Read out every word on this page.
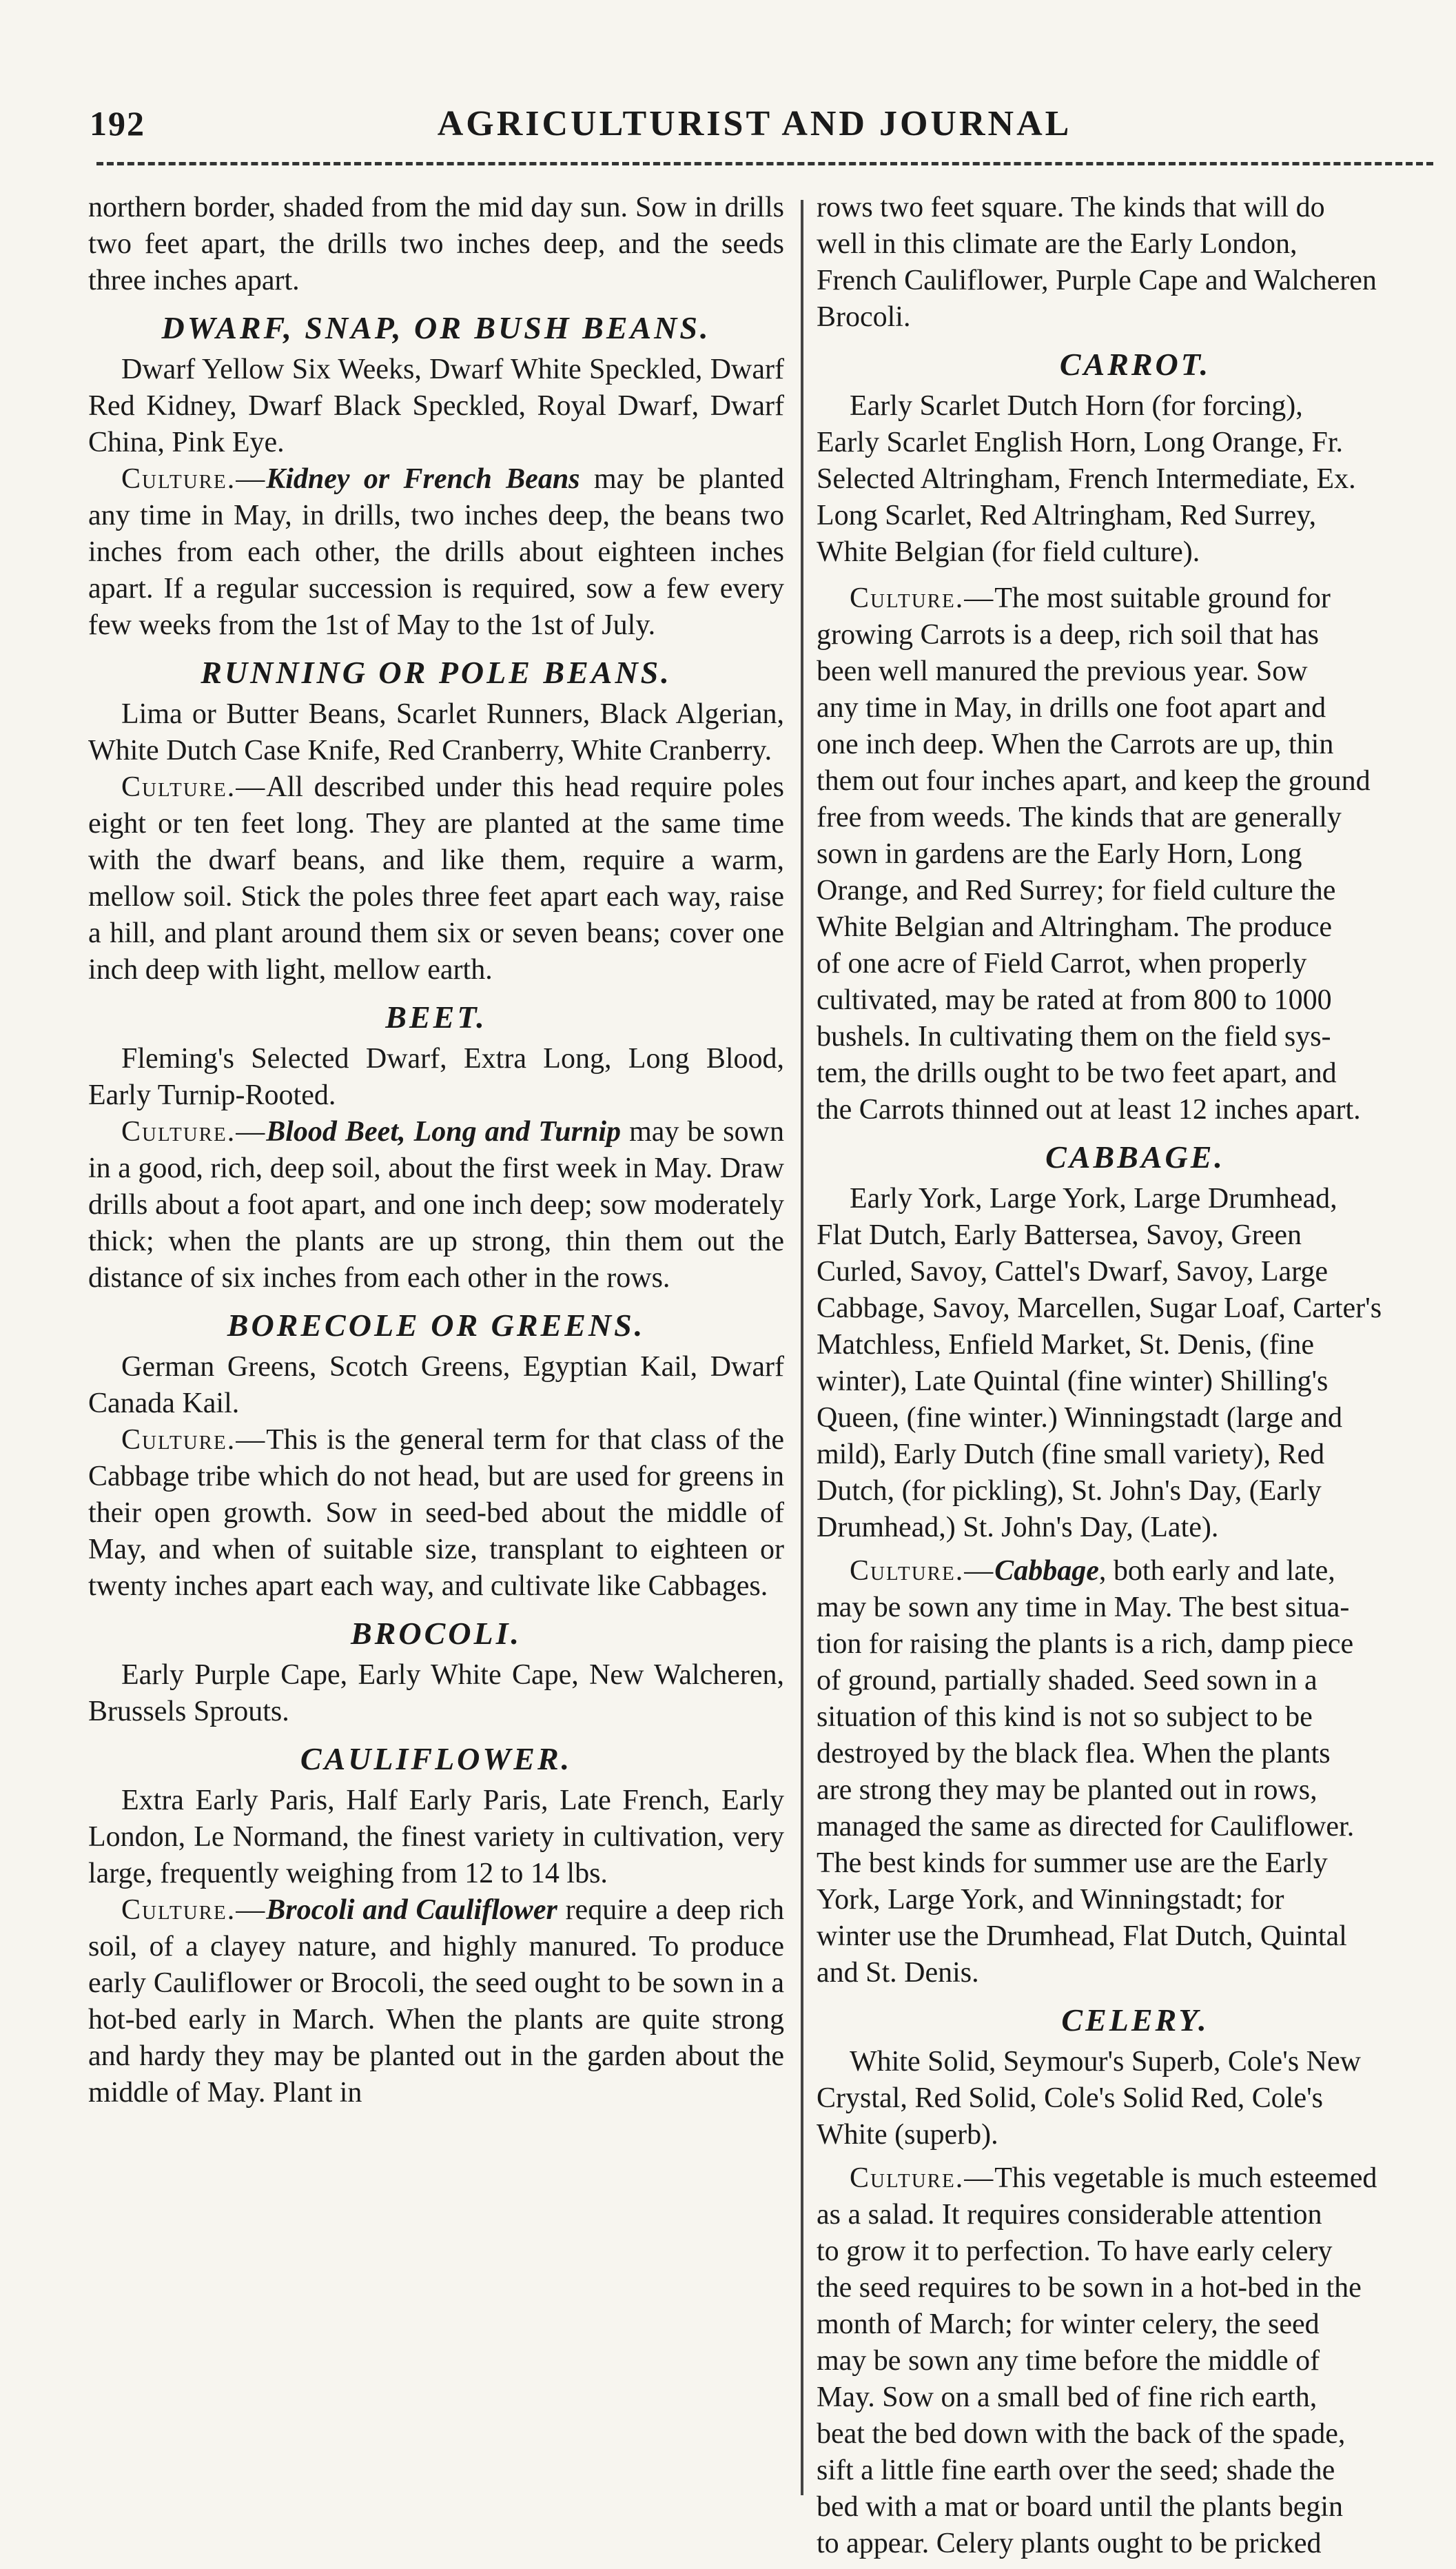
192	AGRICULTURIST AND JOURNAL

northern border, shaded from the mid day sun. Sow in drills two feet apart, the drills two inches deep, and the seeds three inches apart.

DWARF, SNAP, OR BUSH BEANS.

Dwarf Yellow Six Weeks, Dwarf White Speckled, Dwarf Red Kidney, Dwarf Black Speckled, Royal Dwarf, Dwarf China, Pink Eye.

Culture.—Kidney or French Beans may be planted any time in May, in drills, two inches deep, the beans two inches from each other, the drills about eighteen inches apart. If a regular succession is required, sow a few every few weeks from the 1st of May to the 1st of July.

RUNNING OR POLE BEANS.

Lima or Butter Beans, Scarlet Runners, Black Algerian, White Dutch Case Knife, Red Cranberry, White Cranberry.

Culture.—All described under this head require poles eight or ten feet long. They are planted at the same time with the dwarf beans, and like them, require a warm, mellow soil. Stick the poles three feet apart each way, raise a hill, and plant around them six or seven beans; cover one inch deep with light, mellow earth.

BEET.

Fleming's Selected Dwarf, Extra Long, Long Blood, Early Turnip-Rooted.

Culture.—Blood Beet, Long and Turnip may be sown in a good, rich, deep soil, about the first week in May. Draw drills about a foot apart, and one inch deep; sow moderately thick; when the plants are up strong, thin them out the distance of six inches from each other in the rows.

BORECOLE OR GREENS.

German Greens, Scotch Greens, Egyptian Kail, Dwarf Canada Kail.

Culture.—This is the general term for that class of the Cabbage tribe which do not head, but are used for greens in their open growth. Sow in seed-bed about the middle of May, and when of suitable size, transplant to eighteen or twenty inches apart each way, and cultivate like Cabbages.

BROCOLI.

Early Purple Cape, Early White Cape, New Walcheren, Brussels Sprouts.

CAULIFLOWER.

Extra Early Paris, Half Early Paris, Late French, Early London, Le Normand, the finest variety in cultivation, very large, frequently weighing from 12 to 14 lbs.

Culture.—Brocoli and Cauliflower require a deep rich soil, of a clayey nature, and highly manured. To produce early Cauliflower or Brocoli, the seed ought to be sown in a hot-bed early in March. When the plants are quite strong and hardy they may be planted out in the garden about the middle of May. Plant in

rows two feet square. The kinds that will do

well in this climate are the Early London,

French Cauliflower, Purple Cape and Walcheren

Brocoli.

CARROT.

Early Scarlet Dutch Horn (for forcing),

Early Scarlet English Horn, Long Orange, Fr.

Selected Altringham, French Intermediate, Ex.

Long Scarlet, Red Altringham, Red Surrey,

White Belgian (for field culture).

Culture.—The most suitable ground for

growing Carrots is a deep, rich soil that has

been well manured the previous year. Sow

any time in May, in drills one foot apart and

one inch deep. When the Carrots are up, thin

them out four inches apart, and keep the ground

free from weeds. The kinds that are generally

sown in gardens are the Early Horn, Long

Orange, and Red Surrey; for field culture the

White Belgian and Altringham. The produce

of one acre of Field Carrot, when properly

cultivated, may be rated at from 800 to 1000

bushels. In cultivating them on the field sys-

tem, the drills ought to be two feet apart, and

the Carrots thinned out at least 12 inches apart.

CABBAGE.

Early York, Large York, Large Drumhead,

Flat Dutch, Early Battersea, Savoy, Green

Curled, Savoy, Cattel's Dwarf, Savoy, Large

Cabbage, Savoy, Marcellen, Sugar Loaf, Carter's

Matchless, Enfield Market, St. Denis, (fine

winter), Late Quintal (fine winter) Shilling's

Queen, (fine winter.) Winningstadt (large and

mild), Early Dutch (fine small variety), Red

Dutch, (for pickling), St. John's Day, (Early

Drumhead,) St. John's Day, (Late).

Culture.—Cabbage, both early and late,

may be sown any time in May. The best situa-

tion for raising the plants is a rich, damp piece

of ground, partially shaded. Seed sown in a

situation of this kind is not so subject to be

destroyed by the black flea. When the plants

are strong they may be planted out in rows,

managed the same as directed for Cauliflower.

The best kinds for summer use are the Early

York, Large York, and Winningstadt; for

winter use the Drumhead, Flat Dutch, Quintal

and St. Denis.

CELERY.

White Solid, Seymour's Superb, Cole's New

Crystal, Red Solid, Cole's Solid Red, Cole's

White (superb).

Culture.—This vegetable is much esteemed

as a salad. It requires considerable attention

to grow it to perfection. To have early celery

the seed requires to be sown in a hot-bed in the

month of March; for winter celery, the seed

may be sown any time before the middle of

May. Sow on a small bed of fine rich earth,

beat the bed down with the back of the spade,

sift a little fine earth over the seed; shade the

bed with a mat or board until the plants begin

to appear. Celery plants ought to be pricked
